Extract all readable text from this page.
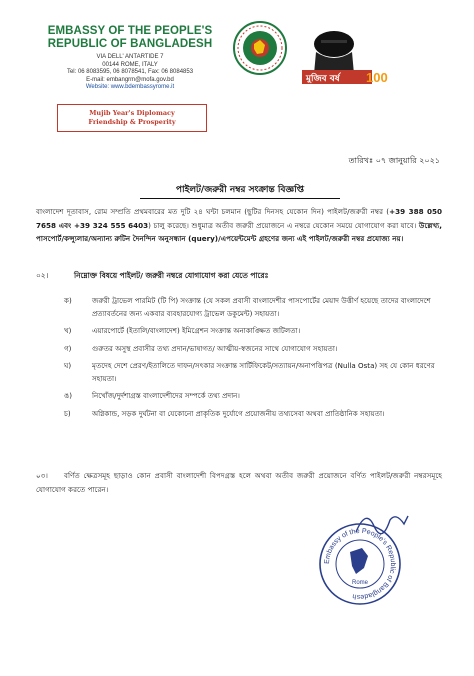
EMBASSY OF THE PEOPLE'S REPUBLIC OF BANGLADESH
VIA DELL' ANTARTIDE 7
00144 ROME, ITALY
Tel: 06 8083595, 06 8078541, Fax: 06 8084853
E-mail: embangrm@mofa.gov.bd
Website: www.bdembassyrome.it
Mujib Year's Diplomacy
Friendship & Prosperity
মুজিব বর্ষ 100
তারিখঃ ০৭ জানুয়ারি ২০২১
পাইলট/জরুরী নম্বর সংক্রান্ত বিজ্ঞপ্তি
বাংলাদেশ দূতাবাস, রোম সম্প্রতি প্রথমবারের মত দুটি ২৪ ঘন্টা চলমান (ছুটির দিনসহ যেকোন দিন) পাইলট/জরুরী নম্বর (+39 388 050 7658 এবং +39 324 555 6403) চালু করেছে। শুধুমাত্র অতীব জরুরী প্রয়োজনে এ নম্বরে যেকোন সময়ে যোগাযোগ করা যাবে। উল্লেখ্য, পাসপোর্ট/কন্স্যুলার/অন্যান্য রুটিন দৈনন্দিন অনুসন্ধান (query)/এপয়েন্টমেন্ট গ্রহণের জন্য এই পাইলট/জরুরী নম্বর প্রযোজ্য নয়।
০২।	নিম্নোক্ত বিষয়ে পাইলট/ জরুরী নম্বরে যোগাযোগ করা যেতে পারেঃ
ক)	জরুরী ট্রাভেল পারমিট (টি পি) সংক্রান্ত (যে সকল প্রবাসী বাংলাদেশীর পাসপোর্টের মেয়াদ উত্তীর্ণ হয়েছে তাদের বাংলাদেশে প্রত্যাবর্তনের জন্য একবার ব্যবহারযোগ্য ট্রাভেল ডকুমেন্ট) সহায়তা।
খ)	এয়ারপোর্টে (ইতালি/বাংলাদেশ) ইমিগ্রেশন সংক্রান্ত অনাকাঙ্ক্ষিত জটিলতা।
গ)	গুরুতর অসুস্থ প্রবাসীর তথ্য প্রদান/ভাষাগত/ আত্মীয়-স্বজনের সাথে যোগাযোগ সহায়তা।
ঘ)	মৃতদেহ দেশে প্রেরণ/ইতালিতে দাফন/সৎকার সংক্রান্ত সার্টিফিকেট/সত্যায়ন/অনাপত্তিপত্র (Nulla Osta) সহ যে কোন ধরণের সহায়তা।
ঙ)	নিখোঁজ/দুর্দশাগ্রস্ত বাংলাদেশীদের সম্পর্কে তথ্য প্রদান।
চ)	অগ্নিকান্ড, সড়ক দুর্ঘটনা বা যেকোনো প্রাকৃতিক দুর্যোগে প্রয়োজনীয় তথ্যসেবা অথবা প্রাতিষ্ঠানিক সহায়তা।
০৩। বর্ণিত ক্ষেত্রসমূহ ছাড়াও কোন প্রবাসী বাংলাদেশী বিপদগ্রস্ত হলে অথবা অতীব জরুরী প্রয়োজনে বর্ণিত পাইলট/জরুরী নম্বরসমূহে যোগাযোগ করতে পারেন।
Embassy of the People's Republic of Bangladesh
Rome
